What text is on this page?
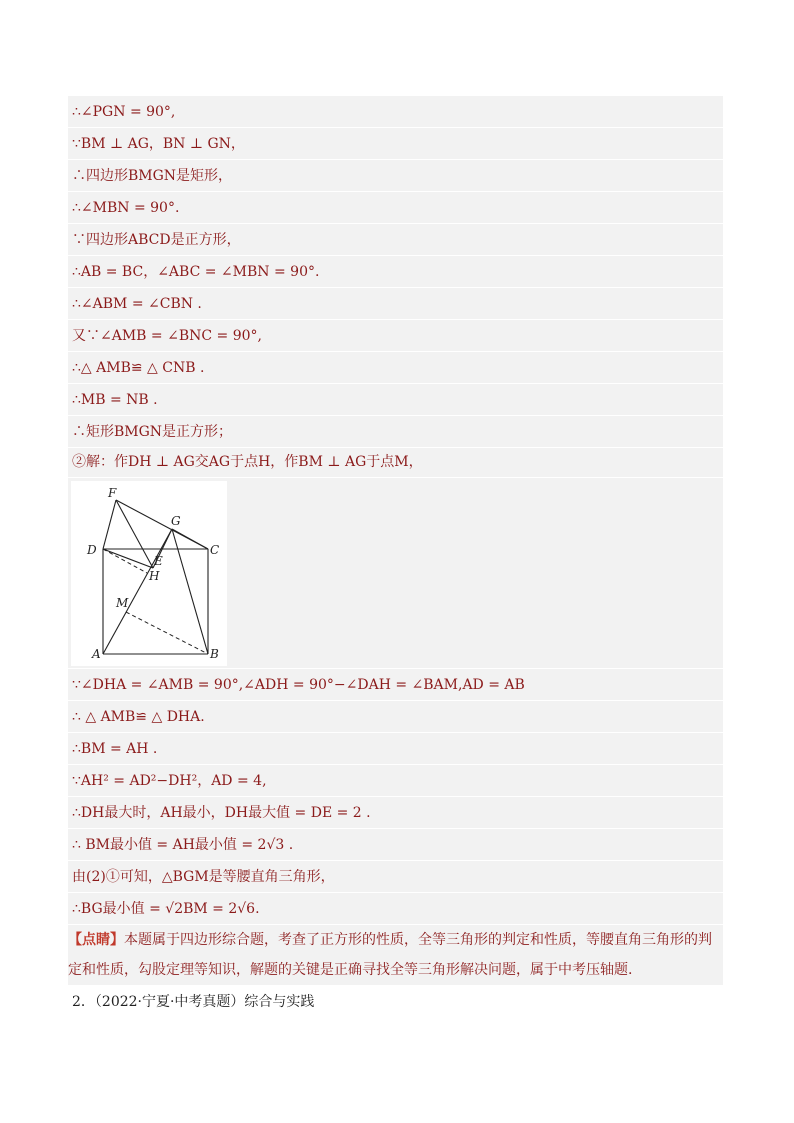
∴∠PGN = 90°,
∵BM ⊥ AG，BN ⊥ GN，
∴四边形BMGN是矩形，
∴∠MBN = 90°.
∵四边形ABCD是正方形，
∴AB = BC，∠ABC = ∠MBN = 90°.
∴∠ABM = ∠CBN .
又∵∠AMB = ∠BNC = 90°,
∴△ AMB≌ △ CNB .
∴MB = NB .
∴矩形BMGN是正方形；
②解：作DH ⊥ AG交AG于点H，作BM ⊥ AG于点M，
F
G
D	C
E
H
M
A	B
∵∠DHA = ∠AMB = 90°,∠ADH = 90°−∠DAH = ∠BAM,AD = AB
∴ △ AMB≌ △ DHA.
∴BM = AH .
∵AH² = AD²−DH²，AD = 4,
∴DH最大时，AH最小，DH最大值 = DE = 2 .
∴ BM最小值 = AH最小值 = 2√3 .
由(2)①可知，△BGM是等腰直角三角形，
∴BG最小值 = √2BM = 2√6.
【点睛】本题属于四边形综合题，考查了正方形的性质，全等三角形的判定和性质，等腰直角三角形的判定和性质，勾股定理等知识，解题的关键是正确寻找全等三角形解决问题，属于中考压轴题.
2．（2022·宁夏·中考真题）综合与实践
